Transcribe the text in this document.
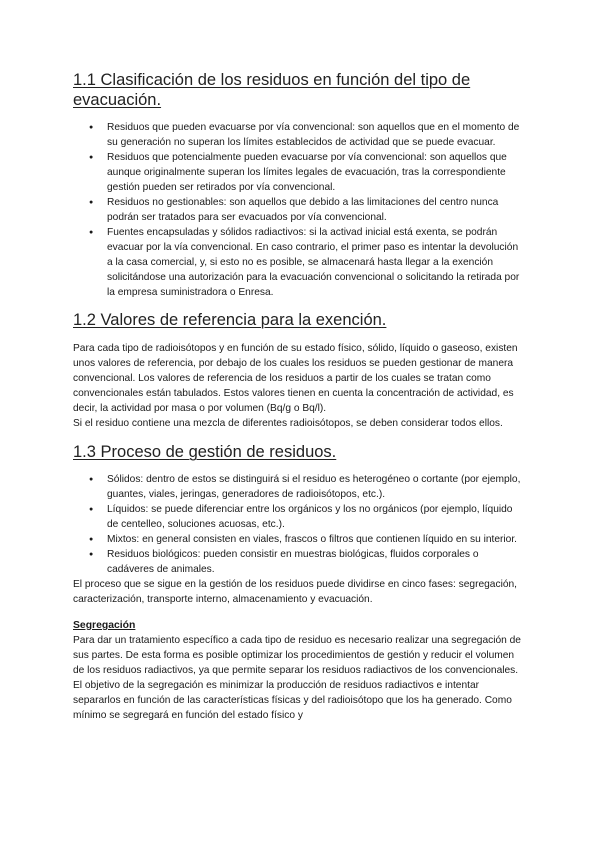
1.1 Clasificación de los residuos en función del tipo de evacuación.
● Residuos que pueden evacuarse por vía convencional: son aquellos que en el momento de su generación no superan los límites establecidos de actividad que se puede evacuar.
● Residuos que potencialmente pueden evacuarse por vía convencional: son aquellos que aunque originalmente superan los límites legales de evacuación, tras la correspondiente gestión pueden ser retirados por vía convencional.
● Residuos no gestionables: son aquellos que debido a las limitaciones del centro nunca podrán ser tratados para ser evacuados por vía convencional.
● Fuentes encapsuladas y sólidos radiactivos: si la activad inicial está exenta, se podrán evacuar por la vía convencional. En caso contrario, el primer paso es intentar la devolución a la casa comercial, y, si esto no es posible, se almacenará hasta llegar a la exención solicitándose una autorización para la evacuación convencional o solicitando la retirada por la empresa suministradora o Enresa.
1.2 Valores de referencia para la exención.

Para cada tipo de radioisótopos y en función de su estado físico, sólido, líquido o gaseoso, existen unos valores de referencia, por debajo de los cuales los residuos se pueden gestionar de manera convencional. Los valores de referencia de los residuos a partir de los cuales se tratan como convencionales están tabulados. Estos valores tienen en cuenta la concentración de actividad, es decir, la actividad por masa o por volumen (Bq/g o Bq/l).

Si el residuo contiene una mezcla de diferentes radioisótopos, se deben considerar todos ellos.

1.3 Proceso de gestión de residuos.
● Sólidos: dentro de estos se distinguirá si el residuo es heterogéneo o cortante (por ejemplo, guantes, viales, jeringas, generadores de radioisótopos, etc.).
● Líquidos: se puede diferenciar entre los orgánicos y los no orgánicos (por ejemplo, líquido de centelleo, soluciones acuosas, etc.).
● Mixtos: en general consisten en viales, frascos o filtros que contienen líquido en su interior.
● Residuos biológicos: pueden consistir en muestras biológicas, fluidos corporales o cadáveres de animales.

El proceso que se sigue en la gestión de los residuos puede dividirse en cinco fases: segregación, caracterización, transporte interno, almacenamiento y evacuación.

Segregación

Para dar un tratamiento específico a cada tipo de residuo es necesario realizar una segregación de sus partes. De esta forma es posible optimizar los procedimientos de gestión y reducir el volumen de los residuos radiactivos, ya que permite separar los residuos radiactivos de los convencionales. El objetivo de la segregación es minimizar la producción de residuos radiactivos e intentar separarlos en función de las características físicas y del radioisótopo que los ha generado. Como mínimo se segregará en función del estado físico y
